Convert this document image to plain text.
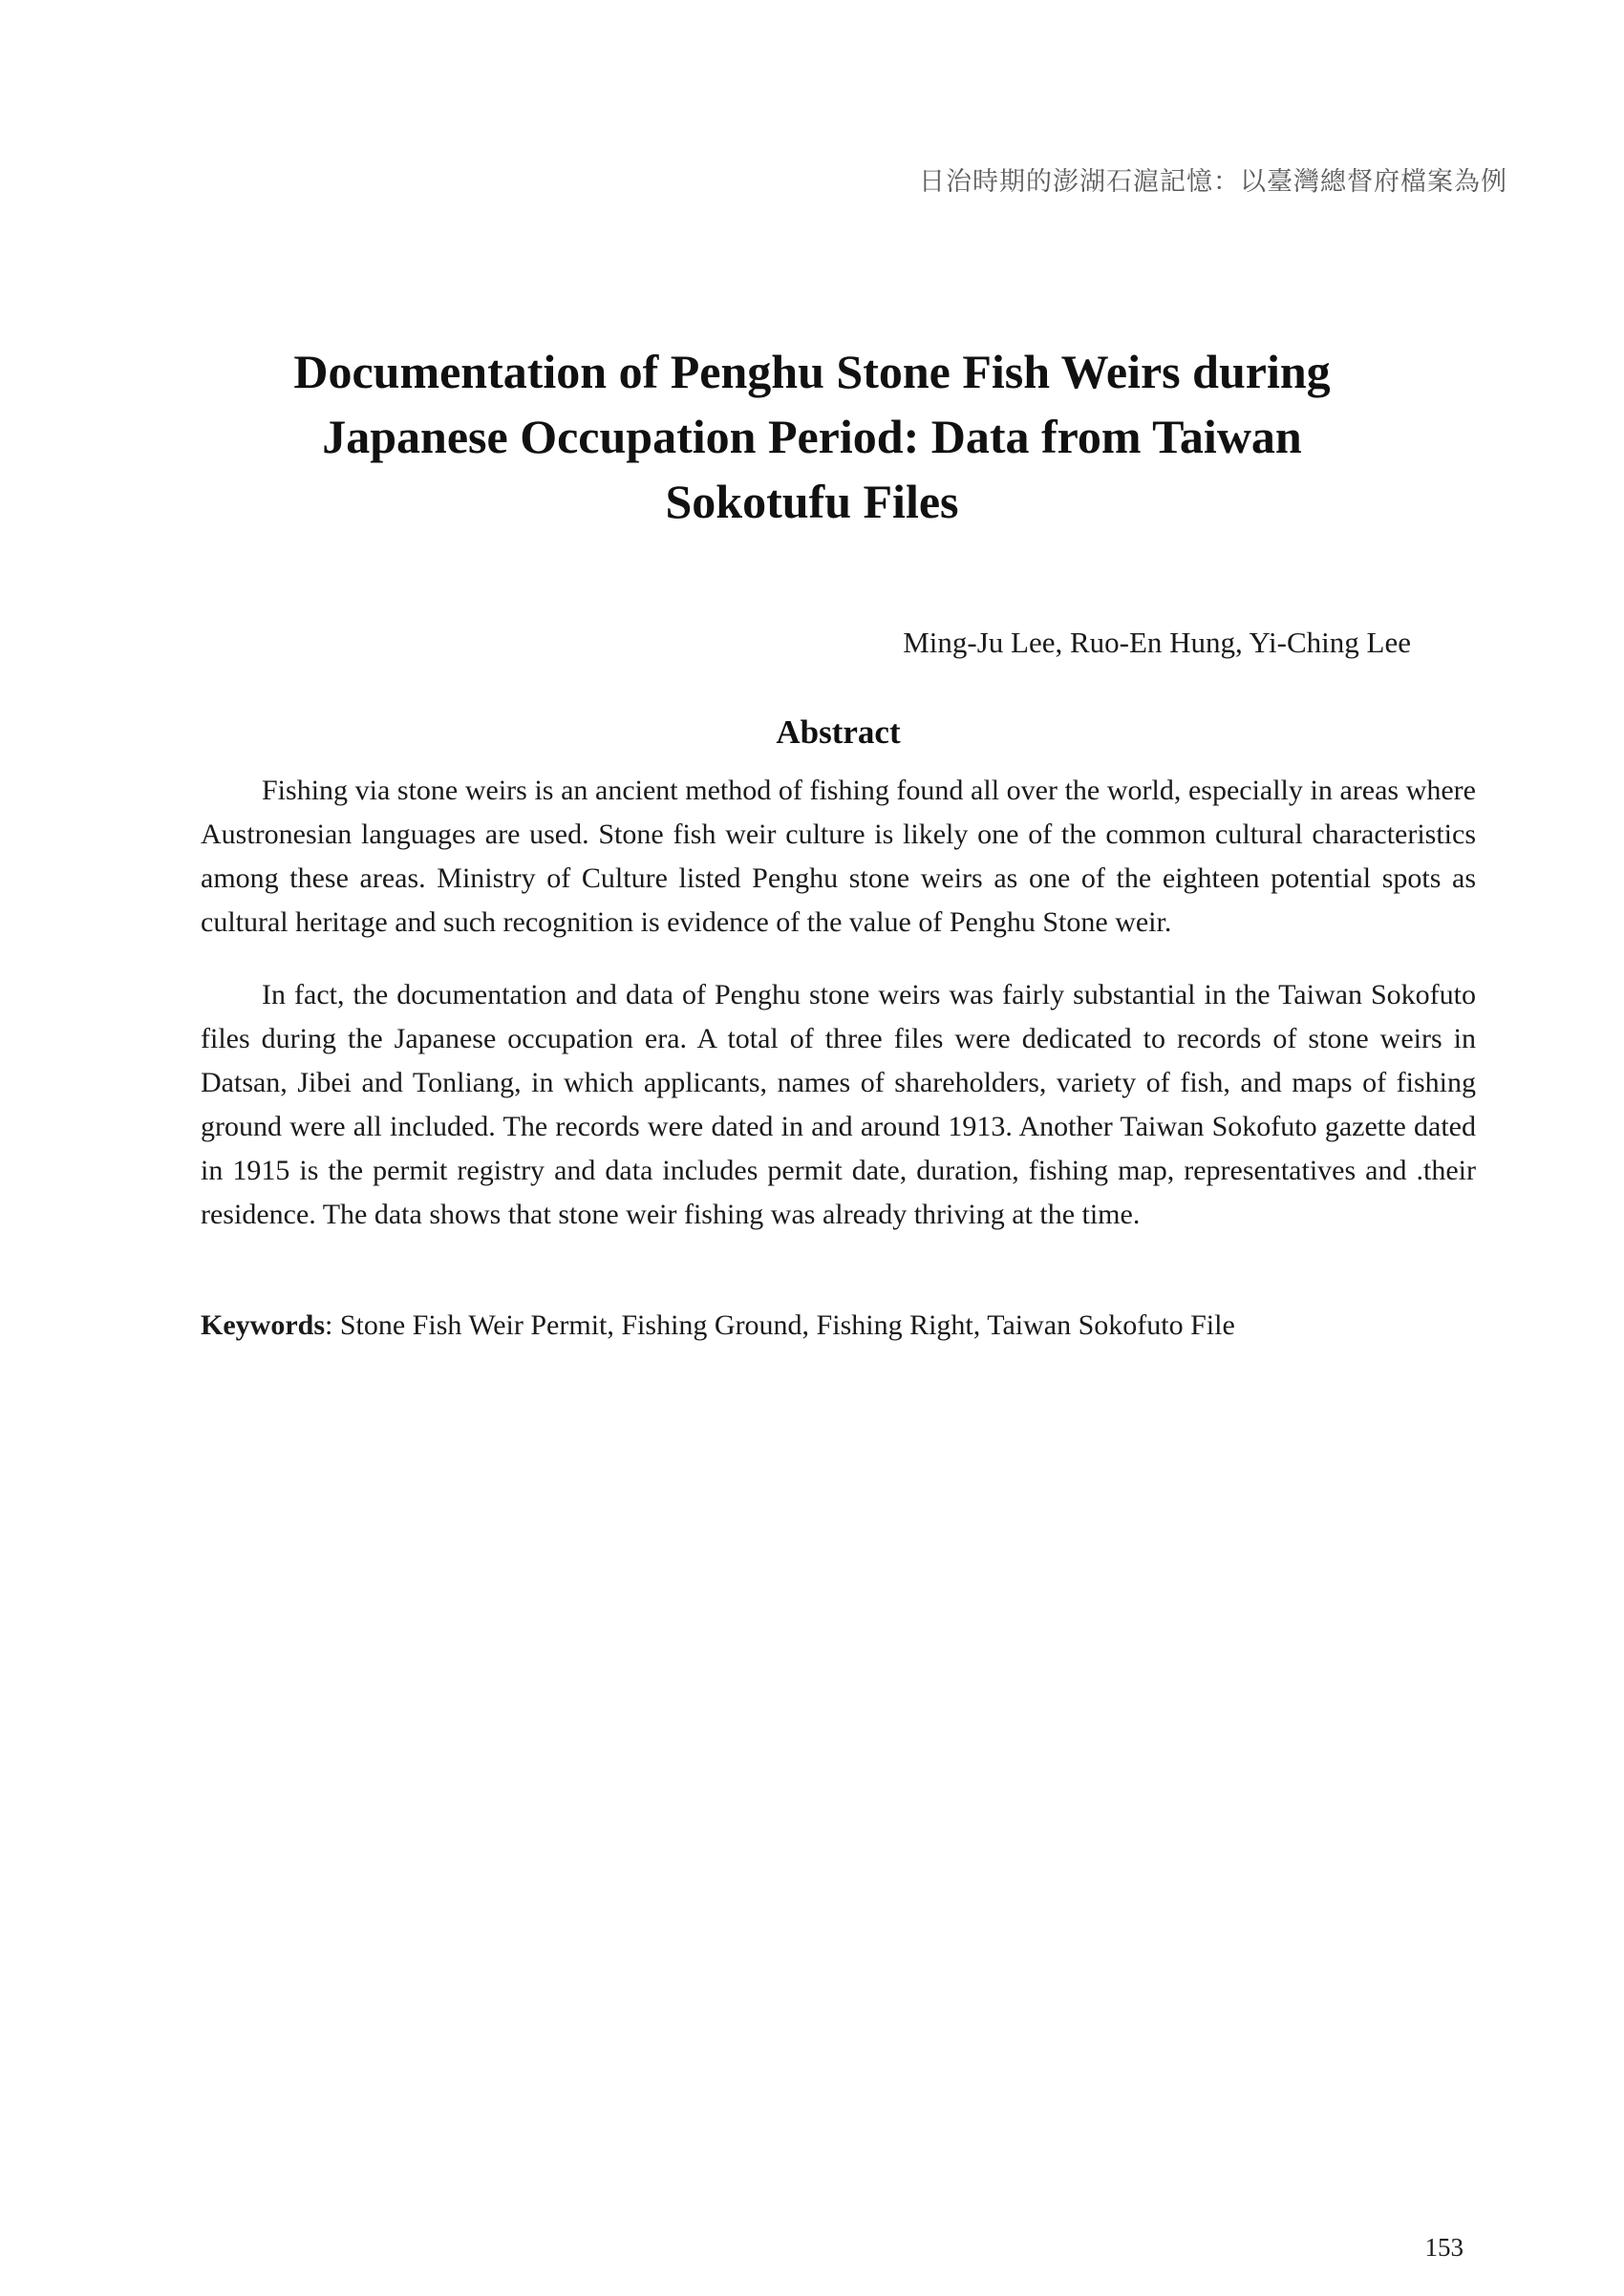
日治時期的澎湖石滬記憶：以臺灣總督府檔案為例
Documentation of Penghu Stone Fish Weirs during Japanese Occupation Period: Data from Taiwan Sokotufu Files
Ming-Ju Lee, Ruo-En Hung, Yi-Ching Lee
Abstract

Fishing via stone weirs is an ancient method of fishing found all over the world, especially in areas where Austronesian languages are used. Stone fish weir culture is likely one of the common cultural characteristics among these areas. Ministry of Culture listed Penghu stone weirs as one of the eighteen potential spots as cultural heritage and such recognition is evidence of the value of Penghu Stone weir.

In fact, the documentation and data of Penghu stone weirs was fairly substantial in the Taiwan Sokofuto files during the Japanese occupation era. A total of three files were dedicated to records of stone weirs in Datsan, Jibei and Tonliang, in which applicants, names of shareholders, variety of fish, and maps of fishing ground were all included. The records were dated in and around 1913. Another Taiwan Sokofuto gazette dated in 1915 is the permit registry and data includes permit date, duration, fishing map, representatives and .their residence. The data shows that stone weir fishing was already thriving at the time.

Keywords: Stone Fish Weir Permit, Fishing Ground, Fishing Right, Taiwan Sokofuto File
153
